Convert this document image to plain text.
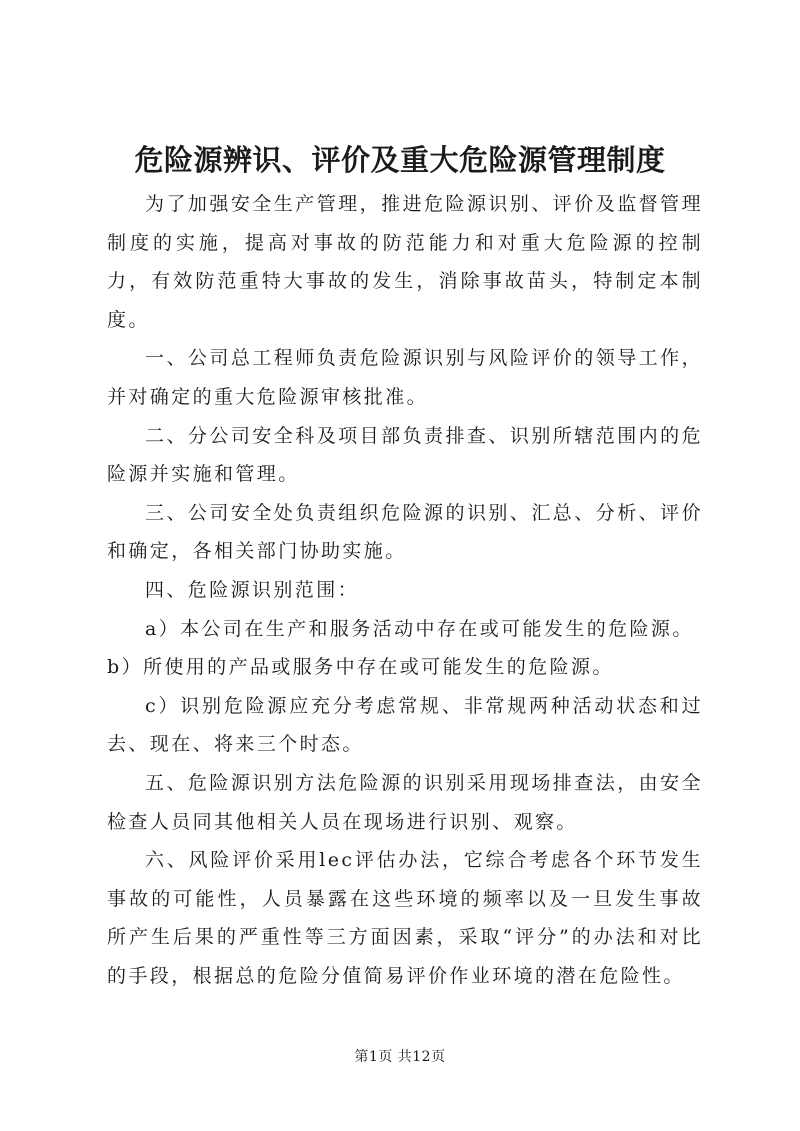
危险源辨识、评价及重大危险源管理制度

为了加强安全生产管理，推进危险源识别、评价及监督管理制度的实施，提高对事故的防范能力和对重大危险源的控制力，有效防范重特大事故的发生，消除事故苗头，特制定本制度。

一、公司总工程师负责危险源识别与风险评价的领导工作，并对确定的重大危险源审核批准。

二、分公司安全科及项目部负责排查、识别所辖范围内的危险源并实施和管理。

三、公司安全处负责组织危险源的识别、汇总、分析、评价和确定，各相关部门协助实施。

四、危险源识别范围：

a）本公司在生产和服务活动中存在或可能发生的危险源。

b）所使用的产品或服务中存在或可能发生的危险源。

c）识别危险源应充分考虑常规、非常规两种活动状态和过去、现在、将来三个时态。

五、危险源识别方法危险源的识别采用现场排查法，由安全检查人员同其他相关人员在现场进行识别、观察。

六、风险评价采用lec评估办法，它综合考虑各个环节发生事故的可能性，人员暴露在这些环境的频率以及一旦发生事故所产生后果的严重性等三方面因素，采取“评分”的办法和对比的手段，根据总的危险分值简易评价作业环境的潜在危险性。

第1页 共12页
